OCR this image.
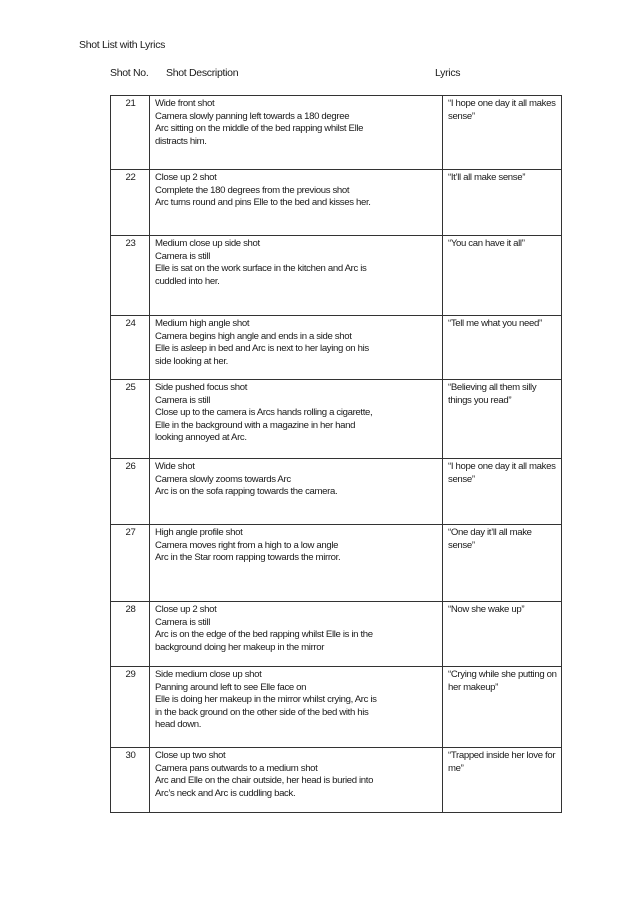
Shot List with Lyrics
Shot No. Shot Description	Lyrics
21	Wide front shot
Camera slowly panning left towards a 180 degree
Arc sitting on the middle of the bed rapping whilst Elle
distracts him.	“I hope one day it all makes sense”

22	Close up 2 shot
Complete the 180 degrees from the previous shot
Arc turns round and pins Elle to the bed and kisses her.	“It’ll all make sense”

23	Medium close up side shot
Camera is still
Elle is sat on the work surface in the kitchen and Arc is
cuddled into her.	“You can have it all”

24	Medium high angle shot
Camera begins high angle and ends in a side shot
Elle is asleep in bed and Arc is next to her laying on his
side looking at her.	“Tell me what you need”

25	Side pushed focus shot
Camera is still
Close up to the camera is Arcs hands rolling a cigarette,
Elle in the background with a magazine in her hand
looking annoyed at Arc.	“Believing all them silly things you read”

26	Wide shot
Camera slowly zooms towards Arc
Arc is on the sofa rapping towards the camera.	“I hope one day it all makes sense”

27	High angle profile shot
Camera moves right from a high to a low angle
Arc in the Star room rapping towards the mirror.	“One day it’ll all make sense”

28	Close up 2 shot
Camera is still
Arc is on the edge of the bed rapping whilst Elle is in the
background doing her makeup in the mirror	“Now she wake up”

29	Side medium close up shot
Panning around left to see Elle face on
Elle is doing her makeup in the mirror whilst crying, Arc is
in the back ground on the other side of the bed with his
head down.	“Crying while she putting on her makeup”

30	Close up two shot
Camera pans outwards to a medium shot
Arc and Elle on the chair outside, her head is buried into
Arc’s neck and Arc is cuddling back.	“Trapped inside her love for me”
